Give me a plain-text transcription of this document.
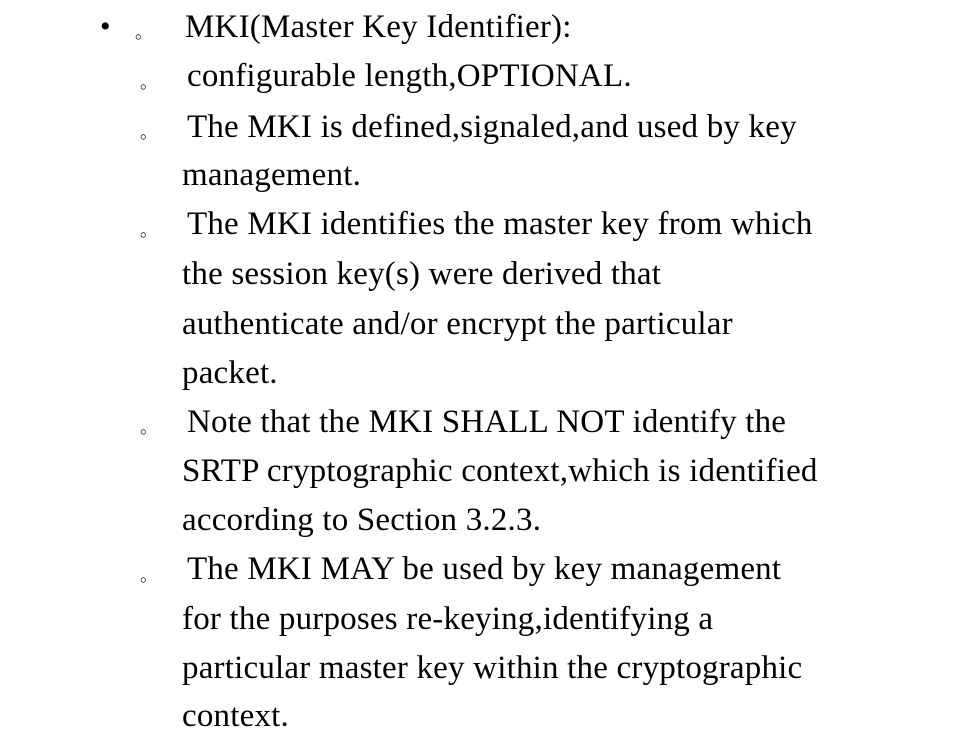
• 。 MKI(Master Key Identifier):
。 configurable length,OPTIONAL.
。 The MKI is defined,signaled,and used by key
management.
。 The MKI identifies the master key from which
the session key(s) were derived that
authenticate and/or encrypt the particular
packet.
。 Note that the MKI SHALL NOT identify the
SRTP cryptographic context,which is identified
according to Section 3.2.3.
。 The MKI MAY be used by key management
for the purposes re-keying,identifying a
particular master key within the cryptographic
context.
